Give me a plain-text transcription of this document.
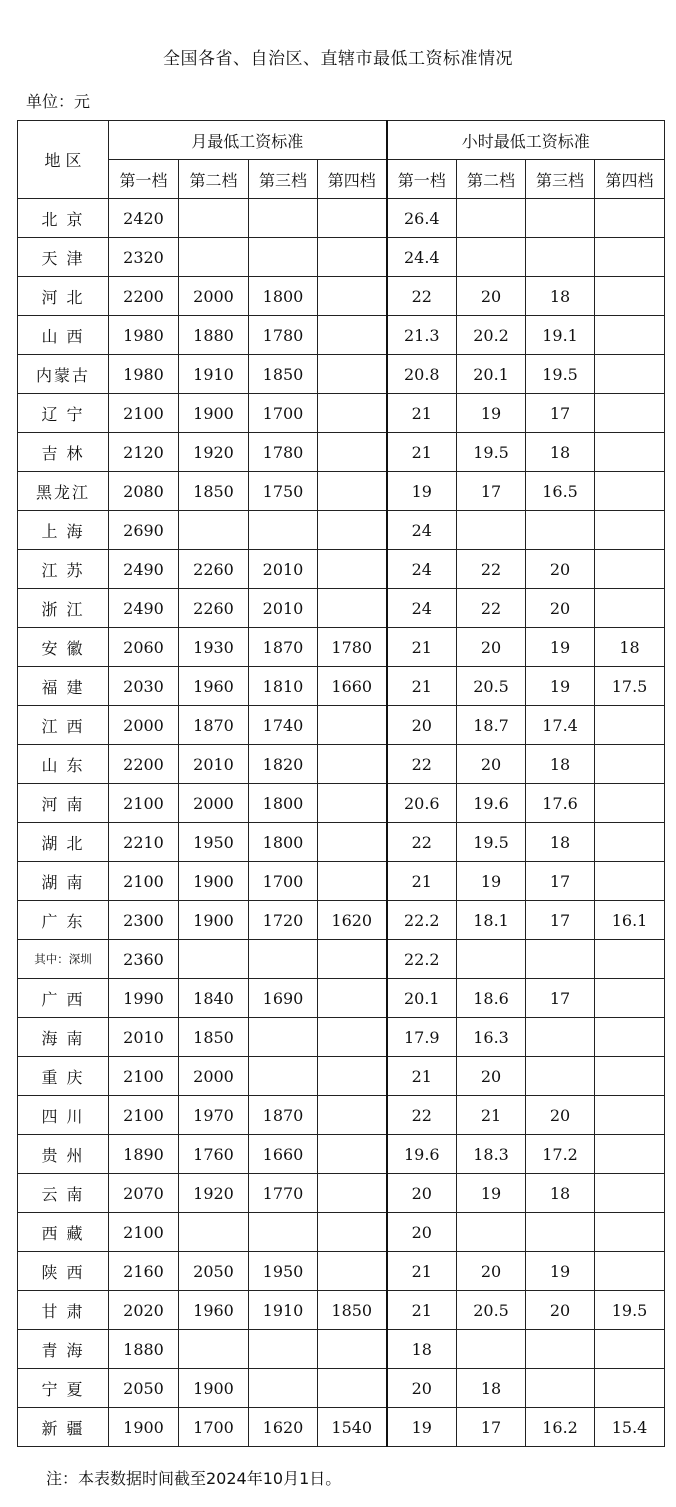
全国各省、自治区、直辖市最低工资标准情况
单位：元
地 区	月最低工资标准				小时最低工资标准			
	第一档	第二档	第三档	第四档	第一档	第二档	第三档	第四档
北 京	2420				26.4			
天 津	2320				24.4			
河 北	2200	2000	1800		22	20	18	
山 西	1980	1880	1780		21.3	20.2	19.1	
内蒙古	1980	1910	1850		20.8	20.1	19.5	
辽 宁	2100	1900	1700		21	19	17	
吉 林	2120	1920	1780		21	19.5	18	
黑龙江	2080	1850	1750		19	17	16.5	
上 海	2690				24			
江 苏	2490	2260	2010		24	22	20	
浙 江	2490	2260	2010		24	22	20	
安 徽	2060	1930	1870	1780	21	20	19	18
福 建	2030	1960	1810	1660	21	20.5	19	17.5
江 西	2000	1870	1740		20	18.7	17.4	
山 东	2200	2010	1820		22	20	18	
河 南	2100	2000	1800		20.6	19.6	17.6	
湖 北	2210	1950	1800		22	19.5	18	
湖 南	2100	1900	1700		21	19	17	
广 东	2300	1900	1720	1620	22.2	18.1	17	16.1
其中：深圳	2360				22.2			
广 西	1990	1840	1690		20.1	18.6	17	
海 南	2010	1850			17.9	16.3		
重 庆	2100	2000			21	20		
四 川	2100	1970	1870		22	21	20	
贵 州	1890	1760	1660		19.6	18.3	17.2	
云 南	2070	1920	1770		20	19	18	
西 藏	2100				20			
陕 西	2160	2050	1950		21	20	19	
甘 肃	2020	1960	1910	1850	21	20.5	20	19.5
青 海	1880				18			
宁 夏	2050	1900			20	18		
新 疆	1900	1700	1620	1540	19	17	16.2	15.4
注：本表数据时间截至2024年10月1日。
